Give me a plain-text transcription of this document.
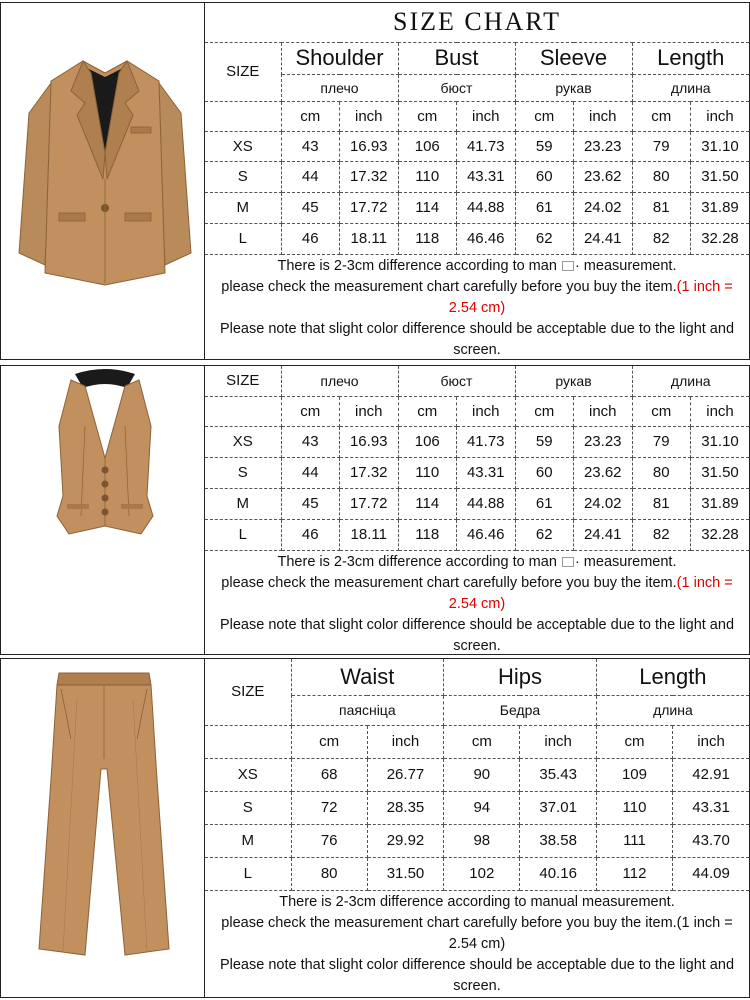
SIZE CHART								
SIZE	Shoulder		Bust		Sleeve		Length	
	плечо		бюст		рукав		длина	
	cm	inch	cm	inch	cm	inch	cm	inch
XS	43	16.93	106	41.73	59	23.23	79	31.10
S	44	17.32	110	43.31	60	23.62	80	31.50
M	45	17.72	114	44.88	61	24.02	81	31.89
L	46	18.11	118	46.46	62	24.41	82	32.28

There is 2-3cm difference according to man · measurement.
please check the measurement chart carefully before you buy the item.(1 inch = 2.54 cm)
Please note that slight color difference should be acceptable due to the light and screen.								
SIZE	плечо		бюст		рукав		длина	
	cm	inch	cm	inch	cm	inch	cm	inch
XS	43	16.93	106	41.73	59	23.23	79	31.10
S	44	17.32	110	43.31	60	23.62	80	31.50
M	45	17.72	114	44.88	61	24.02	81	31.89
L	46	18.11	118	46.46	62	24.41	82	32.28

There is 2-3cm difference according to man · measurement.
please check the measurement chart carefully before you buy the item.(1 inch = 2.54 cm)
Please note that slight color difference should be acceptable due to the light and screen.								
SIZE	Waist		Hips		Length	
	паясніца		Бедра		длина	
	cm	inch	cm	inch	cm	inch
XS	68	26.77	90	35.43	109	42.91
S	72	28.35	94	37.01	110	43.31
M	76	29.92	98	38.58	111	43.70
L	80	31.50	102	40.16	112	44.09

There is 2-3cm difference according to manual measurement.
please check the measurement chart carefully before you buy the item.(1 inch = 2.54 cm)
Please note that slight color difference should be acceptable due to the light and screen.						
